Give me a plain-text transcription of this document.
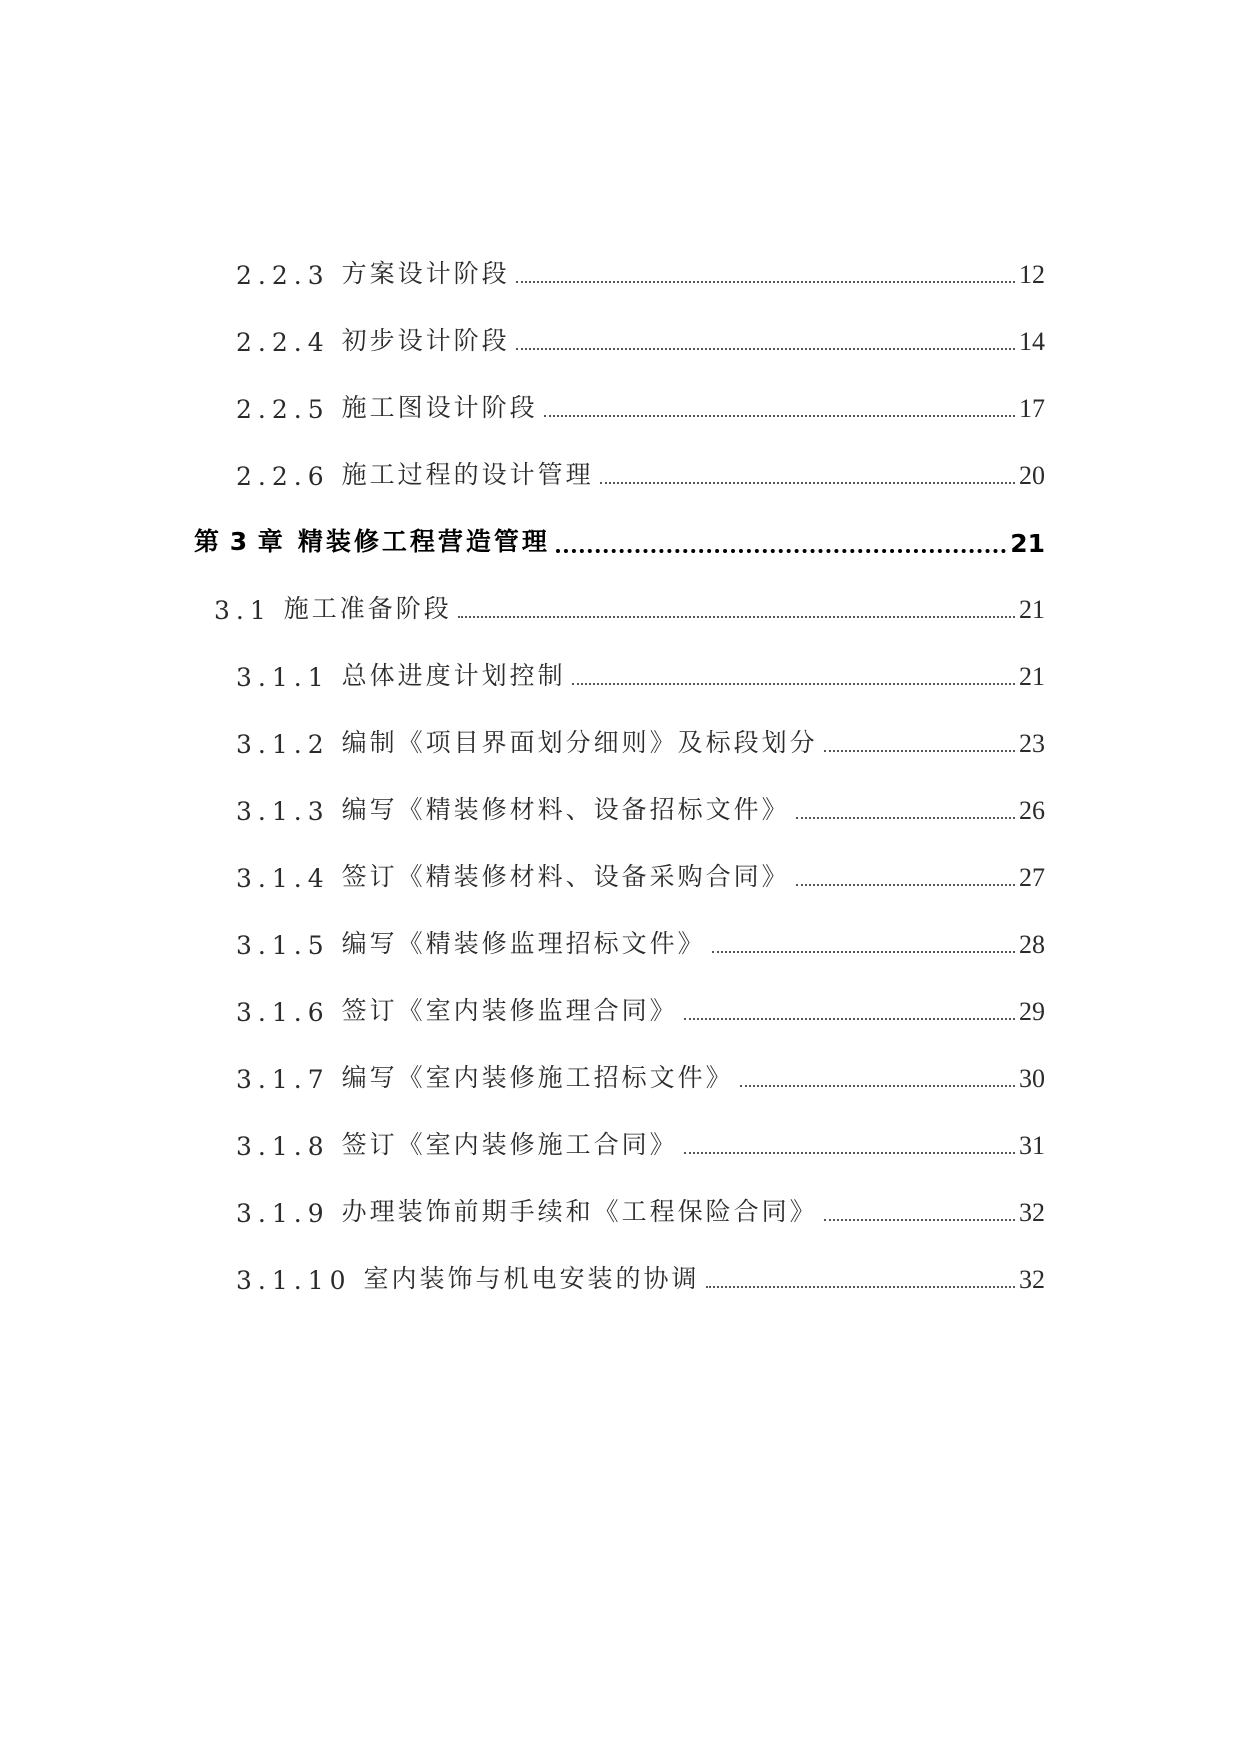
2.2.3 方案设计阶段	12
2.2.4 初步设计阶段	14
2.2.5 施工图设计阶段	17
2.2.6 施工过程的设计管理	20
第 3 章 精装修工程营造管理	21
3.1 施工准备阶段	21
3.1.1 总体进度计划控制	21
3.1.2 编制《项目界面划分细则》及标段划分	23
3.1.3 编写《精装修材料、设备招标文件》	26
3.1.4 签订《精装修材料、设备采购合同》	27
3.1.5 编写《精装修监理招标文件》	28
3.1.6 签订《室内装修监理合同》	29
3.1.7 编写《室内装修施工招标文件》	30
3.1.8 签订《室内装修施工合同》	31
3.1.9 办理装饰前期手续和《工程保险合同》	32
3.1.10 室内装饰与机电安装的协调	32
